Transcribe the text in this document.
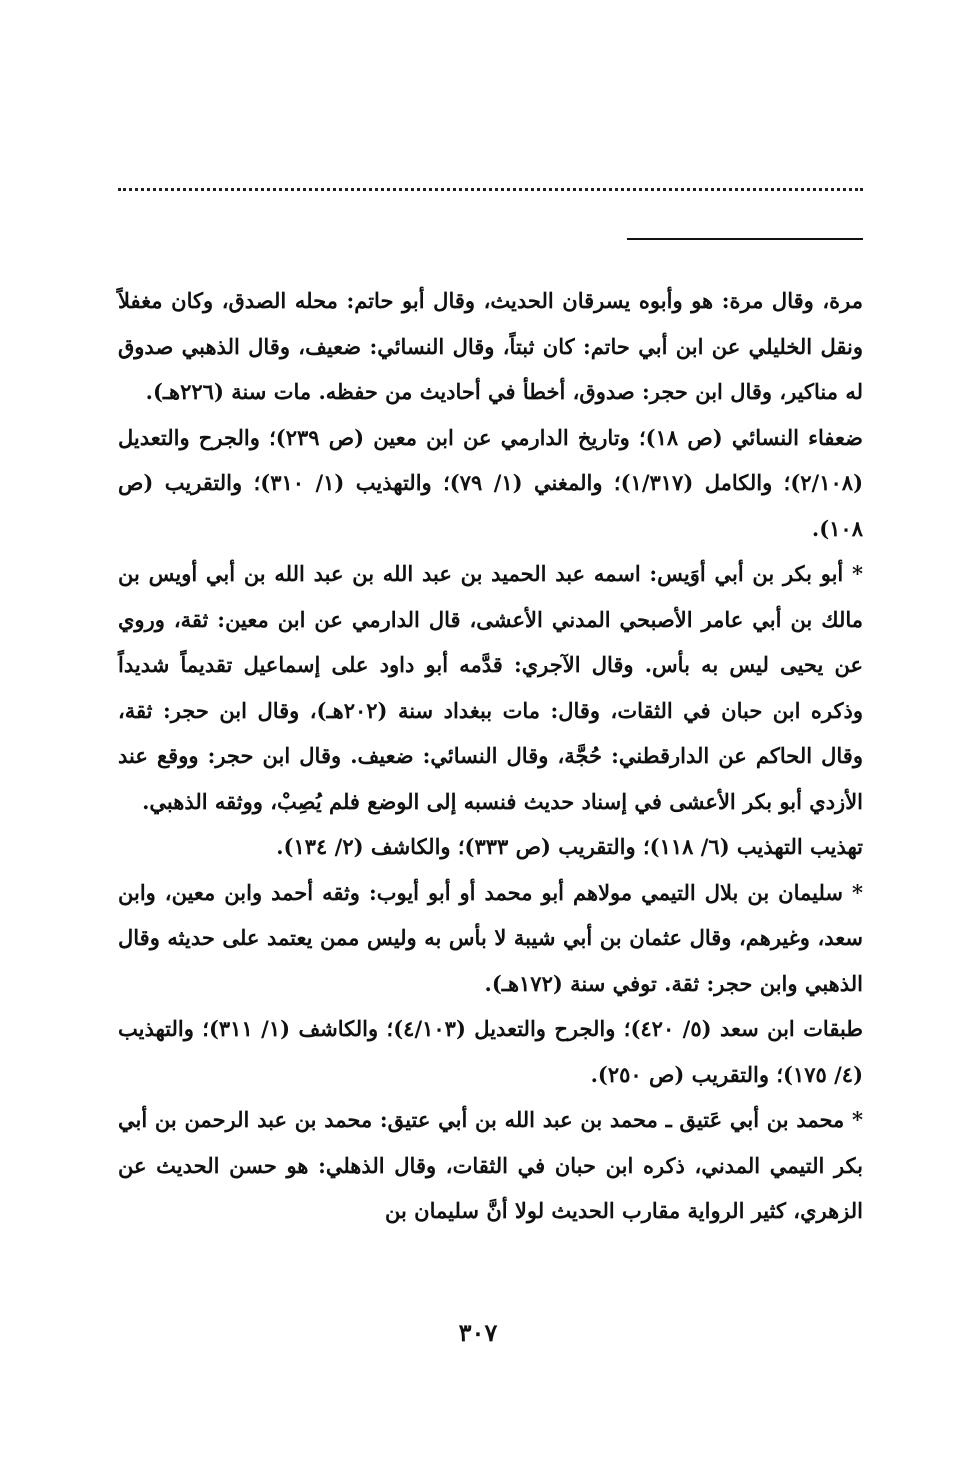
مرة، وقال مرة: هو وأبوه يسرقان الحديث، وقال أبو حاتم: محله الصدق، وكان مغفلاً ونقل الخليلي عن ابن أبي حاتم: كان ثبتاً، وقال النسائي: ضعيف، وقال الذهبي صدوق له مناكير، وقال ابن حجر: صدوق، أخطأ في أحاديث من حفظه. مات سنة (٢٢٦هـ).

ضعفاء النسائي (ص ١٨)؛ وتاريخ الدارمي عن ابن معين (ص ٢٣٩)؛ والجرح والتعديل (٢/١٠٨)؛ والكامل (١/٣١٧)؛ والمغني (١/ ٧٩)؛ والتهذيب (١/ ٣١٠)؛ والتقريب (ص ١٠٨).

* أبو بكر بن أبي أوَيس: اسمه عبد الحميد بن عبد الله بن عبد الله بن أبي أويس بن مالك بن أبي عامر الأصبحي المدني الأعشى، قال الدارمي عن ابن معين: ثقة، وروي عن يحيى ليس به بأس. وقال الآجري: قدَّمه أبو داود على إسماعيل تقديماً شديداً وذكره ابن حبان في الثقات، وقال: مات ببغداد سنة (٢٠٢هـ)، وقال ابن حجر: ثقة، وقال الحاكم عن الدارقطني: حُجَّة، وقال النسائي: ضعيف. وقال ابن حجر: ووقع عند الأزدي أبو بكر الأعشى في إسناد حديث فنسبه إلى الوضع فلم يُصِبْ، ووثقه الذهبي.

تهذيب التهذيب (٦/ ١١٨)؛ والتقريب (ص ٣٣٣)؛ والكاشف (٢/ ١٣٤).

* سليمان بن بلال التيمي مولاهم أبو محمد أو أبو أيوب: وثقه أحمد وابن معين، وابن سعد، وغيرهم، وقال عثمان بن أبي شيبة لا بأس به وليس ممن يعتمد على حديثه وقال الذهبي وابن حجر: ثقة. توفي سنة (١٧٢هـ).

طبقات ابن سعد (٥/ ٤٢٠)؛ والجرح والتعديل (٤/١٠٣)؛ والكاشف (١/ ٣١١)؛ والتهذيب (٤/ ١٧٥)؛ والتقريب (ص ٢٥٠).

* محمد بن أبي عَتيق ـ محمد بن عبد الله بن أبي عتيق: محمد بن عبد الرحمن بن أبي بكر التيمي المدني، ذكره ابن حبان في الثقات، وقال الذهلي: هو حسن الحديث عن الزهري، كثير الرواية مقارب الحديث لولا أنَّ سليمان بن

٣٠٧
